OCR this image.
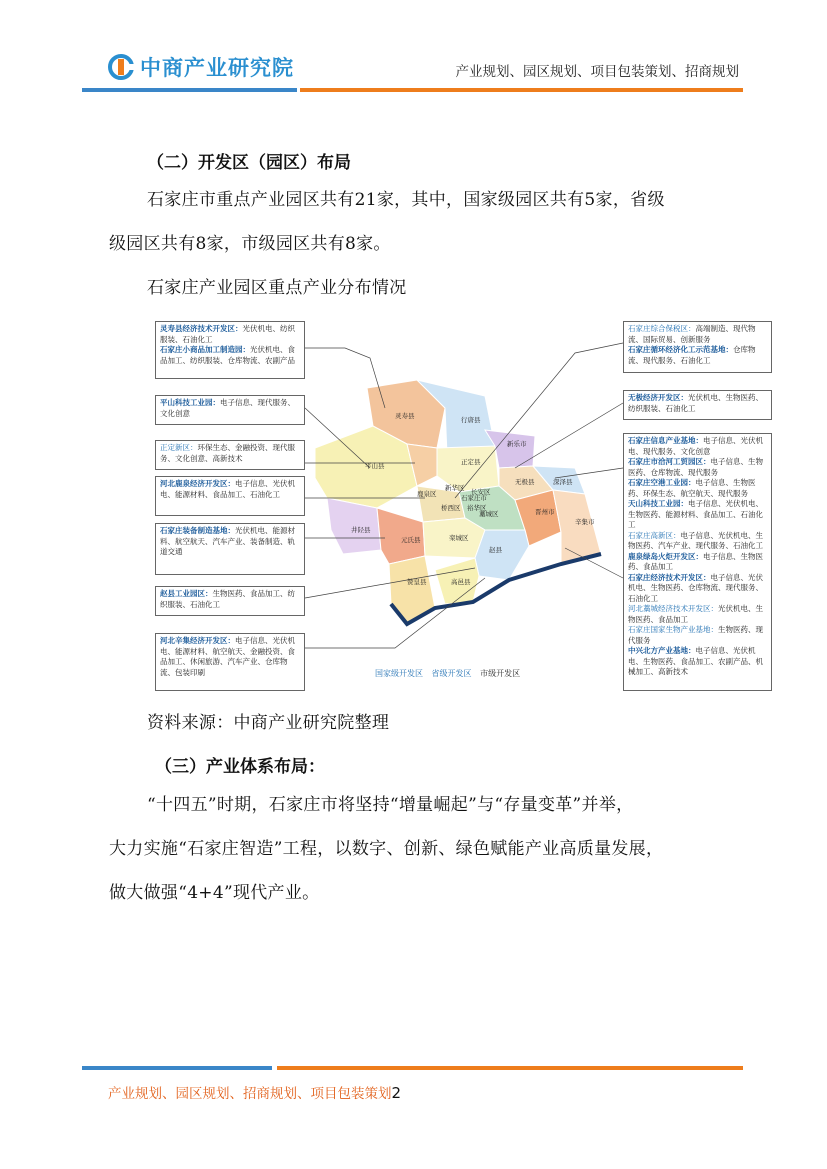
中商产业研究院	产业规划、园区规划、项目包装策划、招商规划
（二）开发区（园区）布局
石家庄市重点产业园区共有21家，其中，国家级园区共有5家，省级
级园区共有8家，市级园区共有8家。
石家庄产业园区重点产业分布情况
灵寿县	行唐县
平山县	正定县
新乐市
无极县	深泽县
鹿泉区
新华区 长安区
石家庄市
桥西区 裕华区
藁城区
井陉县
晋州市
辛集市
元氏县	栾城区
赵县
赞皇县	高邑县
灵寿县经济技术开发区：光伏机电、纺织服装、石油化工
石家庄小商品加工制造园：光伏机电、食品加工、纺织服装、仓库物流、农副产品
平山科技工业园：电子信息、现代服务、文化创意
正定新区：环保生态、金融投资、现代服务、文化创意、高新技术
河北鹿泉经济开发区：电子信息、光伏机电、能源材料、食品加工、石油化工
石家庄装备制造基地：光伏机电、能源材料、航空航天、汽车产业、装备制造、轨道交通
赵县工业园区：生物医药、食品加工、纺织服装、石油化工
河北辛集经济开发区：电子信息、光伏机电、能源材料、航空航天、金融投资、食品加工、休闲旅游、汽车产业、仓库物流、包装印刷
石家庄综合保税区：高端制造、现代物流、国际贸易、创新服务
石家庄循环经济化工示范基地：仓库物流、现代服务、石油化工
无极经济开发区：光伏机电、生物医药、纺织服装、石油化工
石家庄信息产业基地：电子信息、光伏机电、现代服务、文化创意
石家庄市洽河工贸园区：电子信息、生物医药、仓库物流、现代服务
石家庄空港工业园：电子信息、生物医药、环保生态、航空航天、现代服务
天山科技工业园：电子信息、光伏机电、生物医药、能源材料、食品加工、石油化工
石家庄高新区：电子信息、光伏机电、生物医药、汽车产业、现代服务、石油化工
鹿泉绿岛火炬开发区：电子信息、生物医药、食品加工
石家庄经济技术开发区：电子信息、光伏机电、生物医药、仓库物流、现代服务、石油化工
河北藁城经济技术开发区：光伏机电、生物医药、食品加工
石家庄国家生物产业基地：生物医药、现代服务
中兴北方产业基地：电子信息、光伏机电、生物医药、食品加工、农副产品、机械加工、高新技术
国家级开发区 省级开发区 市级开发区
资料来源：中商产业研究院整理
（三）产业体系布局：
“十四五”时期，石家庄市将坚持“增量崛起”与“存量变革”并举，
大力实施“石家庄智造”工程，以数字、创新、绿色赋能产业高质量发展，
做大做强“4+4”现代产业。
产业规划、园区规划、招商规划、项目包装策划2
